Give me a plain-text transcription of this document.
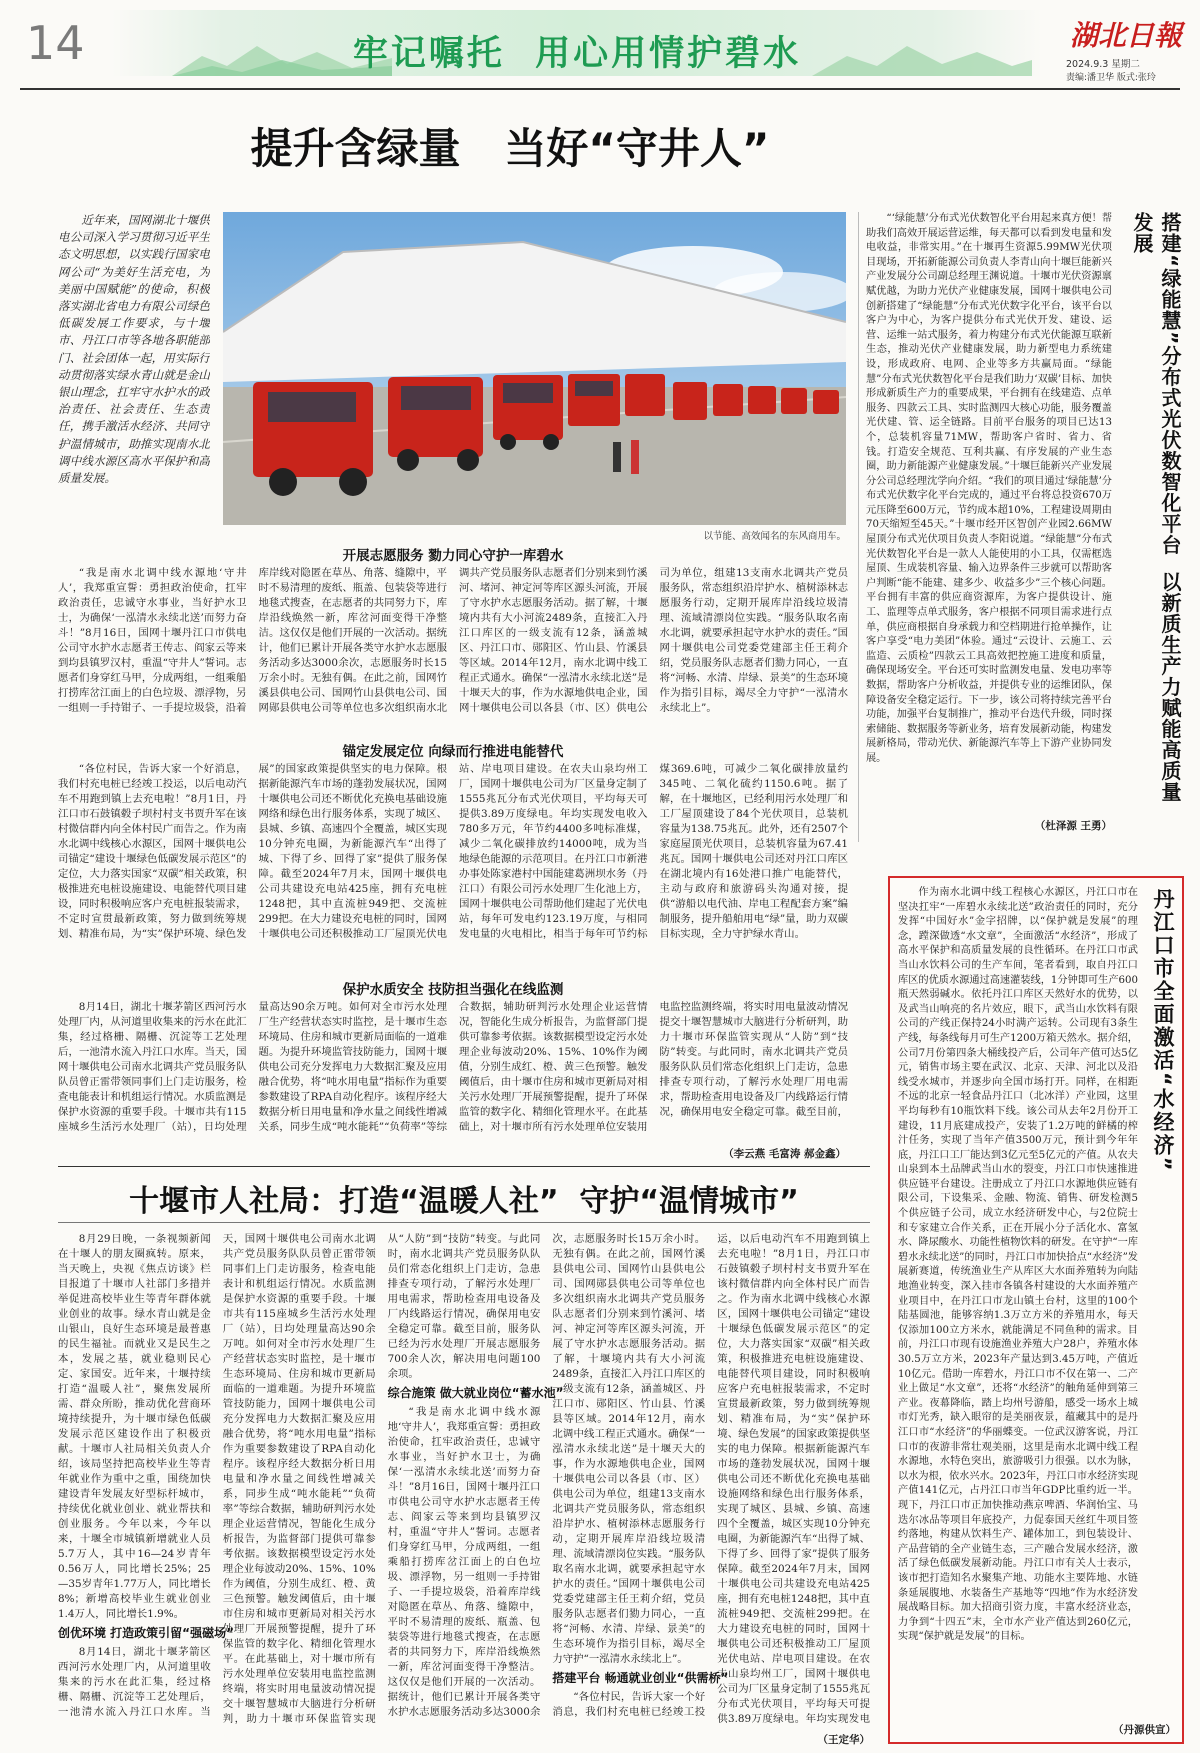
14	牢记嘱托  用心用情护碧水	湖北日報
2024.9.3 星期二
责编:潘卫华 版式:张玲
提升含绿量   当好“守井人”
近年来，国网湖北十堰供电公司深入学习贯彻习近平生态文明思想，以实践行国家电网公司“为美好生活充电，为美丽中国赋能”的使命，积极落实湖北省电力有限公司绿色低碳发展工作要求，与十堰市、丹江口市等各地各职能部门、社会团体一起，用实际行动贯彻落实绿水青山就是金山银山理念，扛牢守水护水的政治责任、社会责任、生态责任，携手激活水经济、共同守护温情城市，助推实现南水北调中线水源区高水平保护和高质量发展。
以节能、高效闻名的东风商用车。
开展志愿服务 勠力同心守护一库碧水

“我是南水北调中线水源地‘守井人’，我郑重宣誓：勇担政治使命，扛牢政治责任，忠诚守水事业，当好护水卫士，为确保‘一泓清水永续北送’而努力奋斗！”8月16日，国网十堰丹江口市供电公司守水护水志愿者王传志、阎家云等来到均县镇罗汉村，重温“守井人”誓词。志愿者们身穿红马甲，分成两组，一组乘船打捞库岔江面上的白色垃圾、漂浮物，另一组则一手持钳子、一手提垃圾袋，沿着库岸线对隐匿在草丛、角落、缝隙中，平时不易清理的废纸、瓶盖、包装袋等进行地毯式搜查，在志愿者的共同努力下，库岸沿线焕然一新，库岔河面变得干净整洁。这仅仅是他们开展的一次活动。据统计，他们已累计开展各类守水护水志愿服务活动多达3000余次，志愿服务时长15万余小时。无独有偶。在此之前，国网竹溪县供电公司、国网竹山县供电公司、国网郧县供电公司等单位也多次组织南水北调共产党员服务队志愿者们分别来到竹溪河、堵河、神定河等库区源头河流，开展了守水护水志愿服务活动。据了解，十堰境内共有大小河流2489条，直接汇入丹江口库区的一级支流有12条，涵盖城区、丹江口市、郧阳区、竹山县、竹溪县等区域。2014年12月，南水北调中线工程正式通水。确保“一泓清水永续北送”是十堰天大的事，作为水源地供电企业，国网十堰供电公司以各县（市、区）供电公司为单位，组建13支南水北调共产党员服务队，常态组织沿岸护水、植树添林志愿服务行动，定期开展库岸沿线垃圾清理、流域清漂岗位实践。“服务队取名南水北调，就要承担起守水护水的责任。”国网十堰供电公司党委党建部主任王莉介绍，党员服务队志愿者们勠力同心，一直将“河畅、水清、岸绿、景美”的生态环境作为指引目标，竭尽全力守护“一泓清水永续北上”。

锚定发展定位 向绿而行推进电能替代

“各位村民，告诉大家一个好消息，我们村充电桩已经竣工投运，以后电动汽车不用跑到镇上去充电啦！”8月1日，丹江口市石鼓镇毂子坝村村支书贾升军在该村微信群内向全体村民广而告之。作为南水北调中线核心水源区，国网十堰供电公司锚定“建设十堰绿色低碳发展示范区”的定位，大力落实国家“双碳”相关政策，积极推进充电桩设施建设、电能替代项目建设，同时积极响应客户充电桩报装需求，不定时宣贯最新政策，努力做到统筹规划、精准布局，为“实”保护环境、绿色发展”的国家政策提供坚实的电力保障。根据新能源汽车市场的蓬勃发展状况，国网十堰供电公司还不断优化充换电基础设施网络和绿色出行服务体系，实现了城区、县城、乡镇、高速四个全覆盖，城区实现10分钟充电圈，为新能源汽车“出得了城、下得了乡、回得了家”提供了服务保障。截至2024年7月末，国网十堰供电公司共建设充电站425座，拥有充电桩1248把，其中直流桩949把、交流桩299把。在大力建设充电桩的同时，国网十堰供电公司还积极推动工厂屋顶光伏电站、岸电项目建设。在农夫山泉均州工厂，国网十堰供电公司为厂区量身定制了1555兆瓦分布式光伏项目，平均每天可提供3.89万度绿电。年均实现发电收入780多万元，年节约4400多吨标准煤，减少二氧化碳排放约14000吨，成为当地绿色能源的示范项目。在丹江口市新港办事处陈家港村中国能建葛洲坝水务（丹江口）有限公司污水处理厂生化池上方，国网十堰供电公司帮助他们建起了光伏电站，每年可发电约123.19万度，与相同发电量的火电相比，相当于每年可节约标煤369.6吨，可减少二氧化碳排放量约345吨、二氧化硫约1150.6吨。据了解，在十堰地区，已经利用污水处理厂和工厂屋顶建设了84个光伏项目，总装机容量为138.75兆瓦。此外，还有2507个家庭屋顶光伏项目，总装机容量为67.41兆瓦。国网十堰供电公司还对丹江口库区在湖北境内有16处港口推广电能替代，主动与政府和旅游码头沟通对接，提供“游船以电代油、岸电工程配套方案”编制服务，提升船舶用电“绿”量，助力双碳目标实现，全力守护绿水青山。

保护水质安全 技防担当强化在线监测

8月14日，湖北十堰茅箭区西河污水处理厂内，从河道里收集来的污水在此汇集，经过格栅、隔栅、沉淀等工艺处理后，一池清水流入丹江口水库。当天，国网十堰供电公司南水北调共产党员服务队队员曾正雷带领同事们上门走访服务，检查电能表计和机组运行情况。水质监测是保护水资源的重要手段。十堰市共有115座城乡生活污水处理厂（站），日均处理量高达90余万吨。如何对全市污水处理厂生产经营状态实时监控，是十堰市生态环境局、住房和城市更新局面临的一道难题。为提升环境监管技防能力，国网十堰供电公司充分发挥电力大数据汇聚及应用融合优势，将“吨水用电量”指标作为重要参数建设了RPA自动化程序。该程序经大数据分析日用电量和净水量之间线性增减关系，同步生成“吨水能耗”“负荷率”等综合数据，辅助研判污水处理企业运营情况，智能化生成分析报告，为监督部门提供可靠参考依据。该数据模型设定污水处理企业每波动20%、15%、10%作为阈值，分别生成红、橙、黄三色预警。触发阈值后，由十堰市住房和城市更新局对相关污水处理厂开展预警提醒，提升了环保监管的数字化、精细化管理水平。在此基础上，对十堰市所有污水处理单位安装用电监控监测终端，将实时用电量波动情况提交十堰智慧城市大脑进行分析研判，助力十堰市环保监管实现从“人防”到“技防”转变。与此同时，南水北调共产党员服务队队员们常态化组织上门走访，急患排查专项行动，了解污水处理厂用电需求，帮助检查用电设备及厂内线路运行情况，确保用电安全稳定可靠。截至目前，

（李云燕 毛富涛 郝金鑫）

“‘绿能慧’分布式光伏数智化平台用起来真方便！帮助我们高效开展运营运维，每天都可以看到发电量和发电收益，非常实用。”在十堰再生资源5.99MW光伏项目现场，开拓新能源公司负责人李青山向十堰巨能新兴产业发展分公司副总经理王渊说道。十堰市光伏资源禀赋优越，为助力光伏产业健康发展，国网十堰供电公司创新搭建了“绿能慧”分布式光伏数字化平台，该平台以客户为中心，为客户提供分布式光伏开发、建设、运营、运维一站式服务，着力构建分布式光伏能源互联新生态，推动光伏产业健康发展，助力新型电力系统建设，形成政府、电网、企业等多方共赢局面。“绿能慧”分布式光伏数智化平台是我们助力‘双碳’目标、加快形成新质生产力的重要成果，平台拥有在线建造、点单服务、四款云工具、实时监测四大核心功能，服务覆盖光伏建、管、运全链路。目前平台服务的项目已达13个，总装机容量71MW，帮助客户省时、省力、省钱。打造安全规范、互利共赢、有序发展的产业生态圈，助力新能源产业健康发展。”十堰巨能新兴产业发展分公司总经理沈学向介绍。“我们的项目通过‘绿能慧’分布式光伏数字化平台完成的，通过平台将总投资670万元压降至600万元，节约成本超10%，工程建设周期由70天缩短至45天。”十堰市经开区智创产业园2.66MW屋顶分布式光伏项目负责人李阳说道。“绿能慧”分布式光伏数智化平台是一款人人能使用的小工具，仅需框选屋顶、生成装机容量、输入边界条件三步就可以帮助客户判断“能不能建、建多少、收益多少”三个核心问题。平台拥有丰富的供应商资源库，为客户提供设计、施工、监理等点单式服务，客户根据不同项目需求进行点单，供应商根据自身承载力和空档期进行抢单操作，让客户享受“电力美团”体验。通过“云设计、云施工、云监造、云质检”四款云工具高效把控施工进度和质量，确保现场安全。平台还可实时监测发电量、发电功率等数据，帮助客户分析收益，并提供专业的运维团队，保障设备安全稳定运行。下一步，该公司将持续完善平台功能，加强平台复制推广，推动平台迭代升级，同时探索储能、数据服务等新业务，培育发展新动能，构建发展新格局，带动光伏、新能源汽车等上下游产业协同发展。

（杜泽源 王勇）
搭建“绿能慧”分布式光伏数智化平台  以新质生产力赋能高质量发展

作为南水北调中线工程核心水源区，丹江口市在坚决扛牢“一库碧水永续北送”政治责任的同时，充分发挥“中国好水”金字招牌，以“保护就是发展”的理念，蹚深做透“水文章”，全面激活“水经济”，形成了高水平保护和高质量发展的良性循环。在丹江口市武当山水饮料公司的生产车间，笔者看到，取自丹江口库区的优质水源通过高速灌装线，1分钟即可生产600瓶天然弱碱水。依托丹江口库区天然好水的优势，以及武当山响亮的名片效应，眼下，武当山水饮料有限公司的产线正保持24小时满产运转。公司现有3条生产线，每条线每月可生产1200万箱天然水。据介绍，公司7月份第四条大桶线投产后，公司年产值可达5亿元，销售市场主要在武汉、北京、天津、河北以及沿线受水城市，并逐步向全国市场打开。同样，在相距不远的北京一轻食品丹江口（北冰洋）产业园，这里平均每秒有10瓶饮料下线。该公司从去年2月份开工建设，11月底建成投产，安装了1.2万吨的鲜橘的榨汁任务，实现了当年产值3500万元，预计到今年年底，丹江口工厂能达到3亿元至5亿元的产值。从农夫山泉到本土品牌武当山水的裂变，丹江口市快速推进供应链平台建设。注册成立了丹江口水源地供应链有限公司，下设集采、金融、物流、销售、研发检测5个供应链子公司，成立水经济研发中心，与2位院士和专家建立合作关系，正在开展小分子活化水、富氢水、降尿酸水、功能性植物饮料的研发。在守护“一库碧水永续北送”的同时，丹江口市加快拾点“水经济”发展新赛道，传统渔业生产从库区大水面养殖转为向陆地渔业转变，深入挂市各镇各村建设的大水面养殖产业项目中，在丹江口市龙山镇土台村，这里的100个陆基圆池，能够容纳1.3万立方米的养殖用水，每天仅添加100立方米水，就能满足不同鱼种的需求。目前，丹江口市现有设施渔业养殖大户28户，养殖水体30.5万立方米，2023年产量达到3.45万吨，产值近10亿元。借助一库碧水，丹江口市不仅在第一、二产业上做足“水文章”，还将“水经济”的触角延伸到第三产业。夜幕降临，踏上均州号游船，感受一场水上城市灯光秀，缺入眼帘的是美丽夜景，蕴藏其中的是丹江口市“水经济”的华丽蝶变。一位武汉游客说，丹江口市的夜游非常壮观美丽，这里是南水北调中线工程水源地，水特色突出，旅游吸引力很强。以水为脉，以水为根，依水兴水。2023年，丹江口市水经济实现产值141亿元，占丹江口市当年GDP比重约近一半。现下，丹江口市正加快推动燕京啤酒、华润怡宝、马迭尔冰品等项目年底投产，力促泰国天丝红牛项目签约落地，构建从饮料生产、罐体加工，到包装设计、产品营销的全产业链生态，三产融合发展水经济，激活了绿色低碳发展新动能。丹江口市有关人士表示，该市把打造知名水聚集产地、功能水主要阵地、水链条延展腹地、水装备生产基地等“四地”作为水经济发展战略目标。加大招商引资力度，丰富水经济业态，力争到“十四五”末，全市水产业产值达到260亿元，实现“保护就是发展”的目标。

（丹源供宣）
丹江口市全面激活“水经济”
十堰市人社局：打造“温暖人社”  守护“温情城市”

8月29日晚，一条视频新闻在十堰人的朋友圈疯转。原来，当天晚上，央视《焦点访谈》栏目报道了十堰市人社部门多措并举促进高校毕业生等青年群体就业创业的故事。绿水青山就是金山银山，良好生态环境是最普惠的民生福祉。而就业又是民生之本，发展之基，就业稳则民心定、家国安。近年来，十堰持续打造“温暖人社”，聚焦发展所需、群众所盼，推动优化营商环境持续提升，为十堰市绿色低碳发展示范区建设作出了积极贡献。十堰市人社局相关负责人介绍，该局坚持把高校毕业生等青年就业作为重中之重，围绕加快建设青年发展友好型标杆城市，持续优化就业创业、就业帮扶和创业服务。今年以来，今年以来，十堰全市城镇新增就业人员5.7万人，其中16—24岁青年0.56万人，同比增长25%；25—35岁青年1.77万人，同比增长8%；新增高校毕业生就业创业1.4万人，同比增长1.9%。

创优环境 打造政策引留“强磁场”

8月14日，湖北十堰茅箭区西河污水处理厂内，从河道里收集来的污水在此汇集，经过格栅、隔栅、沉淀等工艺处理后，一池清水流入丹江口水库。当天，国网十堰供电公司南水北调共产党员服务队队员曾正雷带领同事们上门走访服务，检查电能表计和机组运行情况。水质监测是保护水资源的重要手段。十堰市共有115座城乡生活污水处理厂（站），日均处理量高达90余万吨。如何对全市污水处理厂生产经营状态实时监控，是十堰市生态环境局、住房和城市更新局面临的一道难题。为提升环境监管技防能力，国网十堰供电公司充分发挥电力大数据汇聚及应用融合优势，将“吨水用电量”指标作为重要参数建设了RPA自动化程序。该程序经大数据分析日用电量和净水量之间线性增减关系，同步生成“吨水能耗”“负荷率”等综合数据，辅助研判污水处理企业运营情况，智能化生成分析报告，为监督部门提供可靠参考依据。该数据模型设定污水处理企业每波动20%、15%、10%作为阈值，分别生成红、橙、黄三色预警。触发阈值后，由十堰市住房和城市更新局对相关污水处理厂开展预警提醒，提升了环保监管的数字化、精细化管理水平。在此基础上，对十堰市所有污水处理单位安装用电监控监测终端，将实时用电量波动情况提交十堰智慧城市大脑进行分析研判，助力十堰市环保监管实现从“人防”到“技防”转变。与此同时，南水北调共产党员服务队队员们常态化组织上门走访，急患排查专项行动，了解污水处理厂用电需求，帮助检查用电设备及厂内线路运行情况，确保用电安全稳定可靠。截至目前，服务队已经为污水处理厂开展志愿服务700余人次，解决用电问题100余项。

综合施策 做大就业岗位“蓄水池”

“我是南水北调中线水源地‘守井人’，我郑重宣誓：勇担政治使命，扛牢政治责任，忠诚守水事业，当好护水卫士，为确保‘一泓清水永续北送’而努力奋斗！”8月16日，国网十堰丹江口市供电公司守水护水志愿者王传志、阎家云等来到均县镇罗汉村，重温“守井人”誓词。志愿者们身穿红马甲，分成两组，一组乘船打捞库岔江面上的白色垃圾、漂浮物，另一组则一手持钳子、一手提垃圾袋，沿着库岸线对隐匿在草丛、角落、缝隙中，平时不易清理的废纸、瓶盖、包装袋等进行地毯式搜查，在志愿者的共同努力下，库岸沿线焕然一新，库岔河面变得干净整洁。这仅仅是他们开展的一次活动。据统计，他们已累计开展各类守水护水志愿服务活动多达3000余次，志愿服务时长15万余小时。无独有偶。在此之前，国网竹溪县供电公司、国网竹山县供电公司、国网郧县供电公司等单位也多次组织南水北调共产党员服务队志愿者们分别来到竹溪河、堵河、神定河等库区源头河流，开展了守水护水志愿服务活动。据了解，十堰境内共有大小河流2489条，直接汇入丹江口库区的一级支流有12条，涵盖城区、丹江口市、郧阳区、竹山县、竹溪县等区域。2014年12月，南水北调中线工程正式通水。确保“一泓清水永续北送”是十堰天大的事，作为水源地供电企业，国网十堰供电公司以各县（市、区）供电公司为单位，组建13支南水北调共产党员服务队，常态组织沿岸护水、植树添林志愿服务行动，定期开展库岸沿线垃圾清理、流域清漂岗位实践。“服务队取名南水北调，就要承担起守水护水的责任。”国网十堰供电公司党委党建部主任王莉介绍，党员服务队志愿者们勠力同心，一直将“河畅、水清、岸绿、景美”的生态环境作为指引目标，竭尽全力守护“一泓清水永续北上”。

搭建平台 畅通就业创业“供需桥”

“各位村民，告诉大家一个好消息，我们村充电桩已经竣工投运，以后电动汽车不用跑到镇上去充电啦！”8月1日，丹江口市石鼓镇毂子坝村村支书贾升军在该村微信群内向全体村民广而告之。作为南水北调中线核心水源区，国网十堰供电公司锚定“建设十堰绿色低碳发展示范区”的定位，大力落实国家“双碳”相关政策，积极推进充电桩设施建设、电能替代项目建设，同时积极响应客户充电桩报装需求，不定时宣贯最新政策，努力做到统筹规划、精准布局，为“实”保护环境、绿色发展”的国家政策提供坚实的电力保障。根据新能源汽车市场的蓬勃发展状况，国网十堰供电公司还不断优化充换电基础设施网络和绿色出行服务体系，实现了城区、县城、乡镇、高速四个全覆盖，城区实现10分钟充电圈，为新能源汽车“出得了城、下得了乡、回得了家”提供了服务保障。截至2024年7月末，国网十堰供电公司共建设充电站425座，拥有充电桩1248把，其中直流桩949把、交流桩299把。在大力建设充电桩的同时，国网十堰供电公司还积极推动工厂屋顶光伏电站、岸电项目建设。在农夫山泉均州工厂，国网十堰供电公司为厂区量身定制了1555兆瓦分布式光伏项目，平均每天可提供3.89万度绿电。年均实现发电

（王定华）
